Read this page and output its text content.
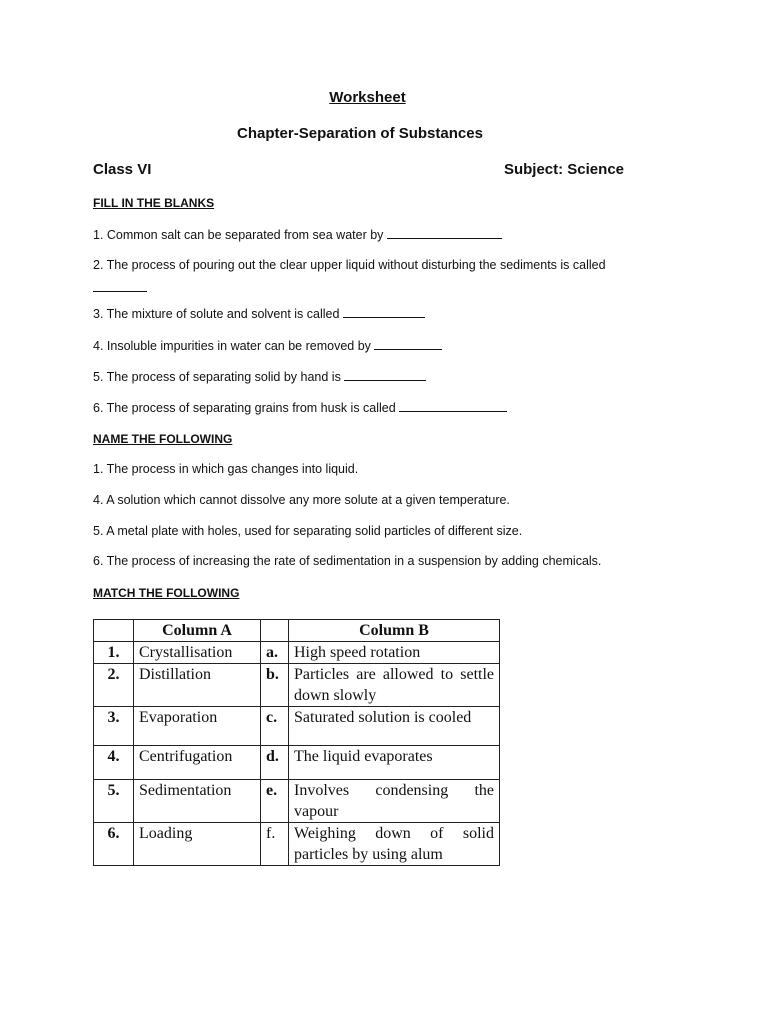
Worksheet
Chapter-Separation of Substances
Class VI	Subject: Science
FILL IN THE BLANKS
1. Common salt can be separated from sea water by
2. The process of pouring out the clear upper liquid without disturbing the sediments is called

3. The mixture of solute and solvent is called
4. Insoluble impurities in water can be removed by
5. The process of separating solid by hand is
6. The process of separating grains from husk is called
NAME THE FOLLOWING
1. The process in which gas changes into liquid.
4. A solution which cannot dissolve any more solute at a given temperature.
5. A metal plate with holes, used for separating solid particles of different size.
6. The process of increasing the rate of sedimentation in a suspension by adding chemicals.
MATCH THE FOLLOWING
	Column A		Column B
1.	Crystallisation	a.	High speed rotation
2.	Distillation	b.	Particles are allowed to settle down slowly
3.	Evaporation	c.	Saturated solution is cooled
4.	Centrifugation	d.	The liquid evaporates
5.	Sedimentation	e.	Involves condensing the vapour
6.	Loading	f.	Weighing down of solid particles by using alum
